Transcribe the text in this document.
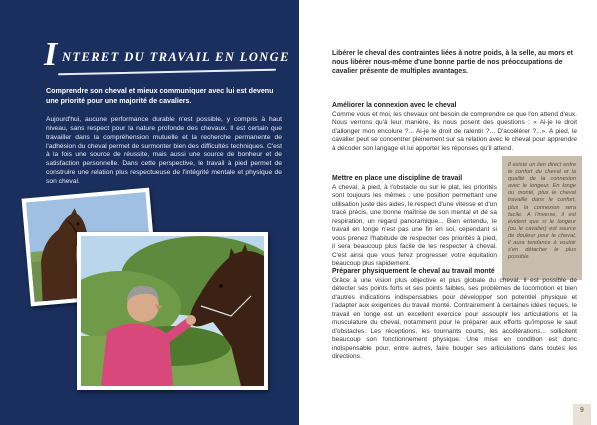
I NTERET DU TRAVAIL EN LONGE

Comprendre son cheval et mieux communiquer avec lui est devenu une priorité pour une majorité de cavaliers.

Aujourd'hui, aucune performance durable n'est possible, y compris à haut niveau, sans respect pour la nature profonde des chevaux. Il est certain que travailler dans la compréhension mutuelle et la recherche permanente de l'adhésion du cheval permet de surmonter bien des difficultés techniques. C'est à la fois une source de réussite, mais aussi une source de bonheur et de satisfaction personnelle. Dans cette perspective, le travail à pied permet de construire une relation plus respectueuse de l'intégrité mentale et physique de son cheval.

Libérer le cheval des contraintes liées à notre poids, à la selle, au mors et nous libérer nous-même d'une bonne partie de nos préoccupations de cavalier présente de multiples avantages.

Améliorer la connexion avec le cheval

Comme vous et moi, les chevaux ont besoin de comprendre ce que l'on attend d'eux. Nous verrons qu'à leur manière, ils nous posent des questions : « Ai-je le droit d'allonger mon encolure ?... Ai-je le droit de ralentir ?... D'accélérer ?...». A pied, le cavalier peut se concentrer pleinement sur sa relation avec le cheval pour apprendre à décoder son langage et lui apporter les réponses qu'il attend.

Mettre en place une discipline de travail

A cheval, à pied, à l'obstacle ou sur le plat, les priorités sont toujours les mêmes : une position permettant une utilisation juste des aides, le respect d'une vitesse et d'un tracé précis, une bonne maîtrise de son mental et de sa respiration, un regard panoramique... Bien entendu, le travail en longe n'est pas une fin en soi, cependant si vous prenez l'habitude de respecter ces priorités à pied, il sera beaucoup plus facile de les respecter à cheval. C'est ainsi que vous ferez progresser votre équitation beaucoup plus rapidement.

Il existe un lien direct entre le confort du cheval et la qualité de la connexion avec le longeur. En longe ou monté, plus le cheval travaille dans le confort, plus la connexion sera facile. A l'inverse, il est évident que si le longeur (ou le cavalier) est source de douleur pour le cheval, il aura tendance à vouloir s'en détacher le plus possible.

Préparer physiquement le cheval au travail monté

Grâce à une vision plus objective et plus globale du cheval, il est possible de détecter ses points forts et ses points faibles, ses problèmes de locomotion et bien d'autres indications indispensables pour développer son potentiel physique et l'adapter aux exigences du travail monté. Contrairement à certaines idées reçues, le travail en longe est un excellent exercice pour assouplir les articulations et la musculature du cheval, notamment pour le préparer aux efforts qu'impose le saut d'obstacles. Les réceptions, les tournants courts, les accélérations... sollicitent beaucoup son fonctionnement physique. Une mise en condition est donc indispensable pour, entre autres, faire bouger ses articulations dans toutes les directions.

9
